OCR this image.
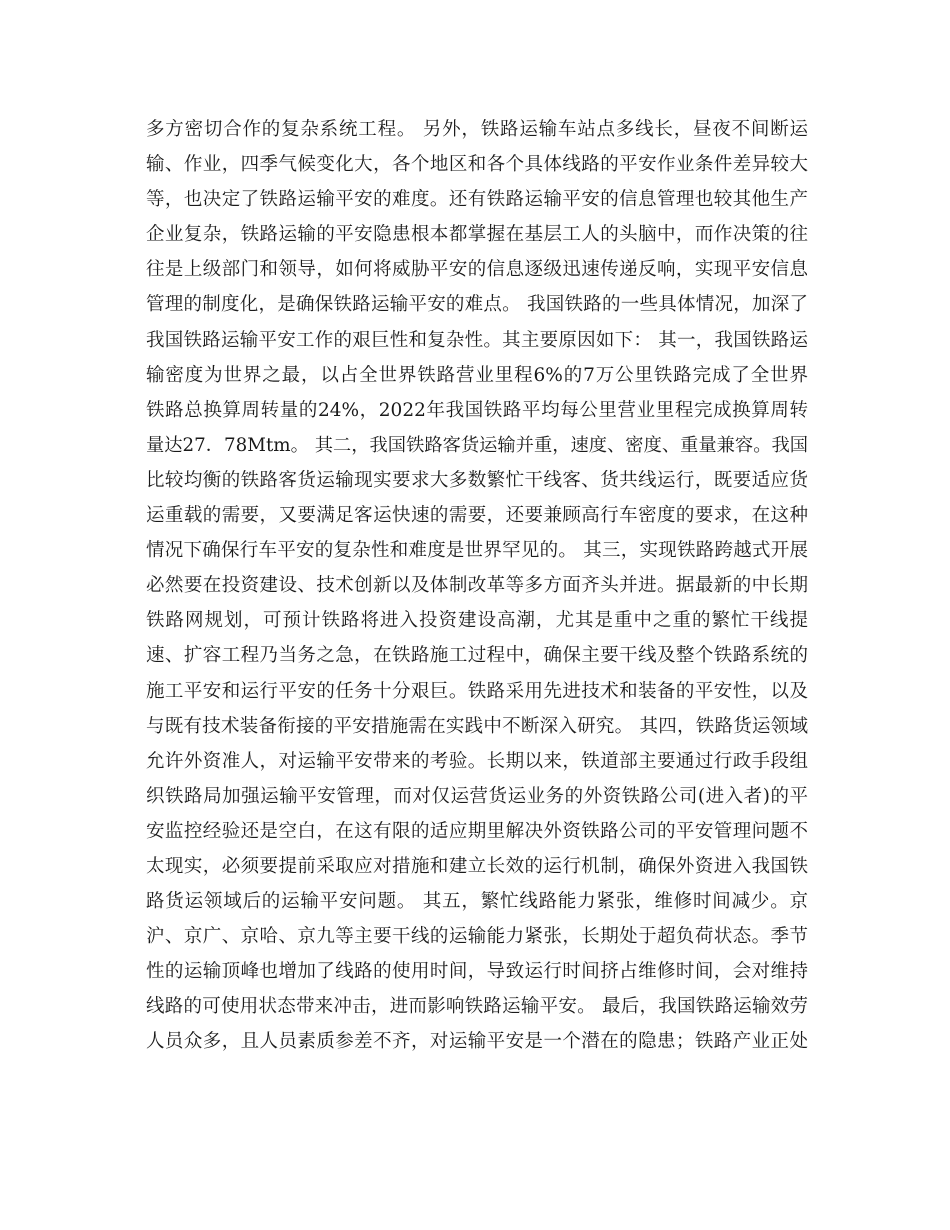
多方密切合作的复杂系统工程。 另外，铁路运输车站点多线长，昼夜不间断运
输、作业，四季气候变化大，各个地区和各个具体线路的平安作业条件差异较大
等，也决定了铁路运输平安的难度。还有铁路运输平安的信息管理也较其他生产
企业复杂，铁路运输的平安隐患根本都掌握在基层工人的头脑中，而作决策的往
往是上级部门和领导，如何将威胁平安的信息逐级迅速传递反响，实现平安信息
管理的制度化，是确保铁路运输平安的难点。 我国铁路的一些具体情况，加深了
我国铁路运输平安工作的艰巨性和复杂性。其主要原因如下： 其一，我国铁路运
输密度为世界之最，以占全世界铁路营业里程6%的7万公里铁路完成了全世界
铁路总换算周转量的24%，2022年我国铁路平均每公里营业里程完成换算周转
量达27．78Mtm。 其二，我国铁路客货运输并重，速度、密度、重量兼容。我国
比较均衡的铁路客货运输现实要求大多数繁忙干线客、货共线运行，既要适应货
运重载的需要，又要满足客运快速的需要，还要兼顾高行车密度的要求，在这种
情况下确保行车平安的复杂性和难度是世界罕见的。 其三，实现铁路跨越式开展
必然要在投资建设、技术创新以及体制改革等多方面齐头并进。据最新的中长期
铁路网规划，可预计铁路将进入投资建设高潮，尤其是重中之重的繁忙干线提
速、扩容工程乃当务之急，在铁路施工过程中，确保主要干线及整个铁路系统的
施工平安和运行平安的任务十分艰巨。铁路采用先进技术和装备的平安性，以及
与既有技术装备衔接的平安措施需在实践中不断深入研究。 其四，铁路货运领域
允许外资准人，对运输平安带来的考验。长期以来，铁道部主要通过行政手段组
织铁路局加强运输平安管理，而对仅运营货运业务的外资铁路公司(进入者)的平
安监控经验还是空白，在这有限的适应期里解决外资铁路公司的平安管理问题不
太现实，必须要提前采取应对措施和建立长效的运行机制，确保外资进入我国铁
路货运领域后的运输平安问题。 其五，繁忙线路能力紧张，维修时间减少。京
沪、京广、京哈、京九等主要干线的运输能力紧张，长期处于超负荷状态。季节
性的运输顶峰也增加了线路的使用时间，导致运行时间挤占维修时间，会对维持
线路的可使用状态带来冲击，进而影响铁路运输平安。 最后，我国铁路运输效劳
人员众多，且人员素质参差不齐，对运输平安是一个潜在的隐患；铁路产业正处
